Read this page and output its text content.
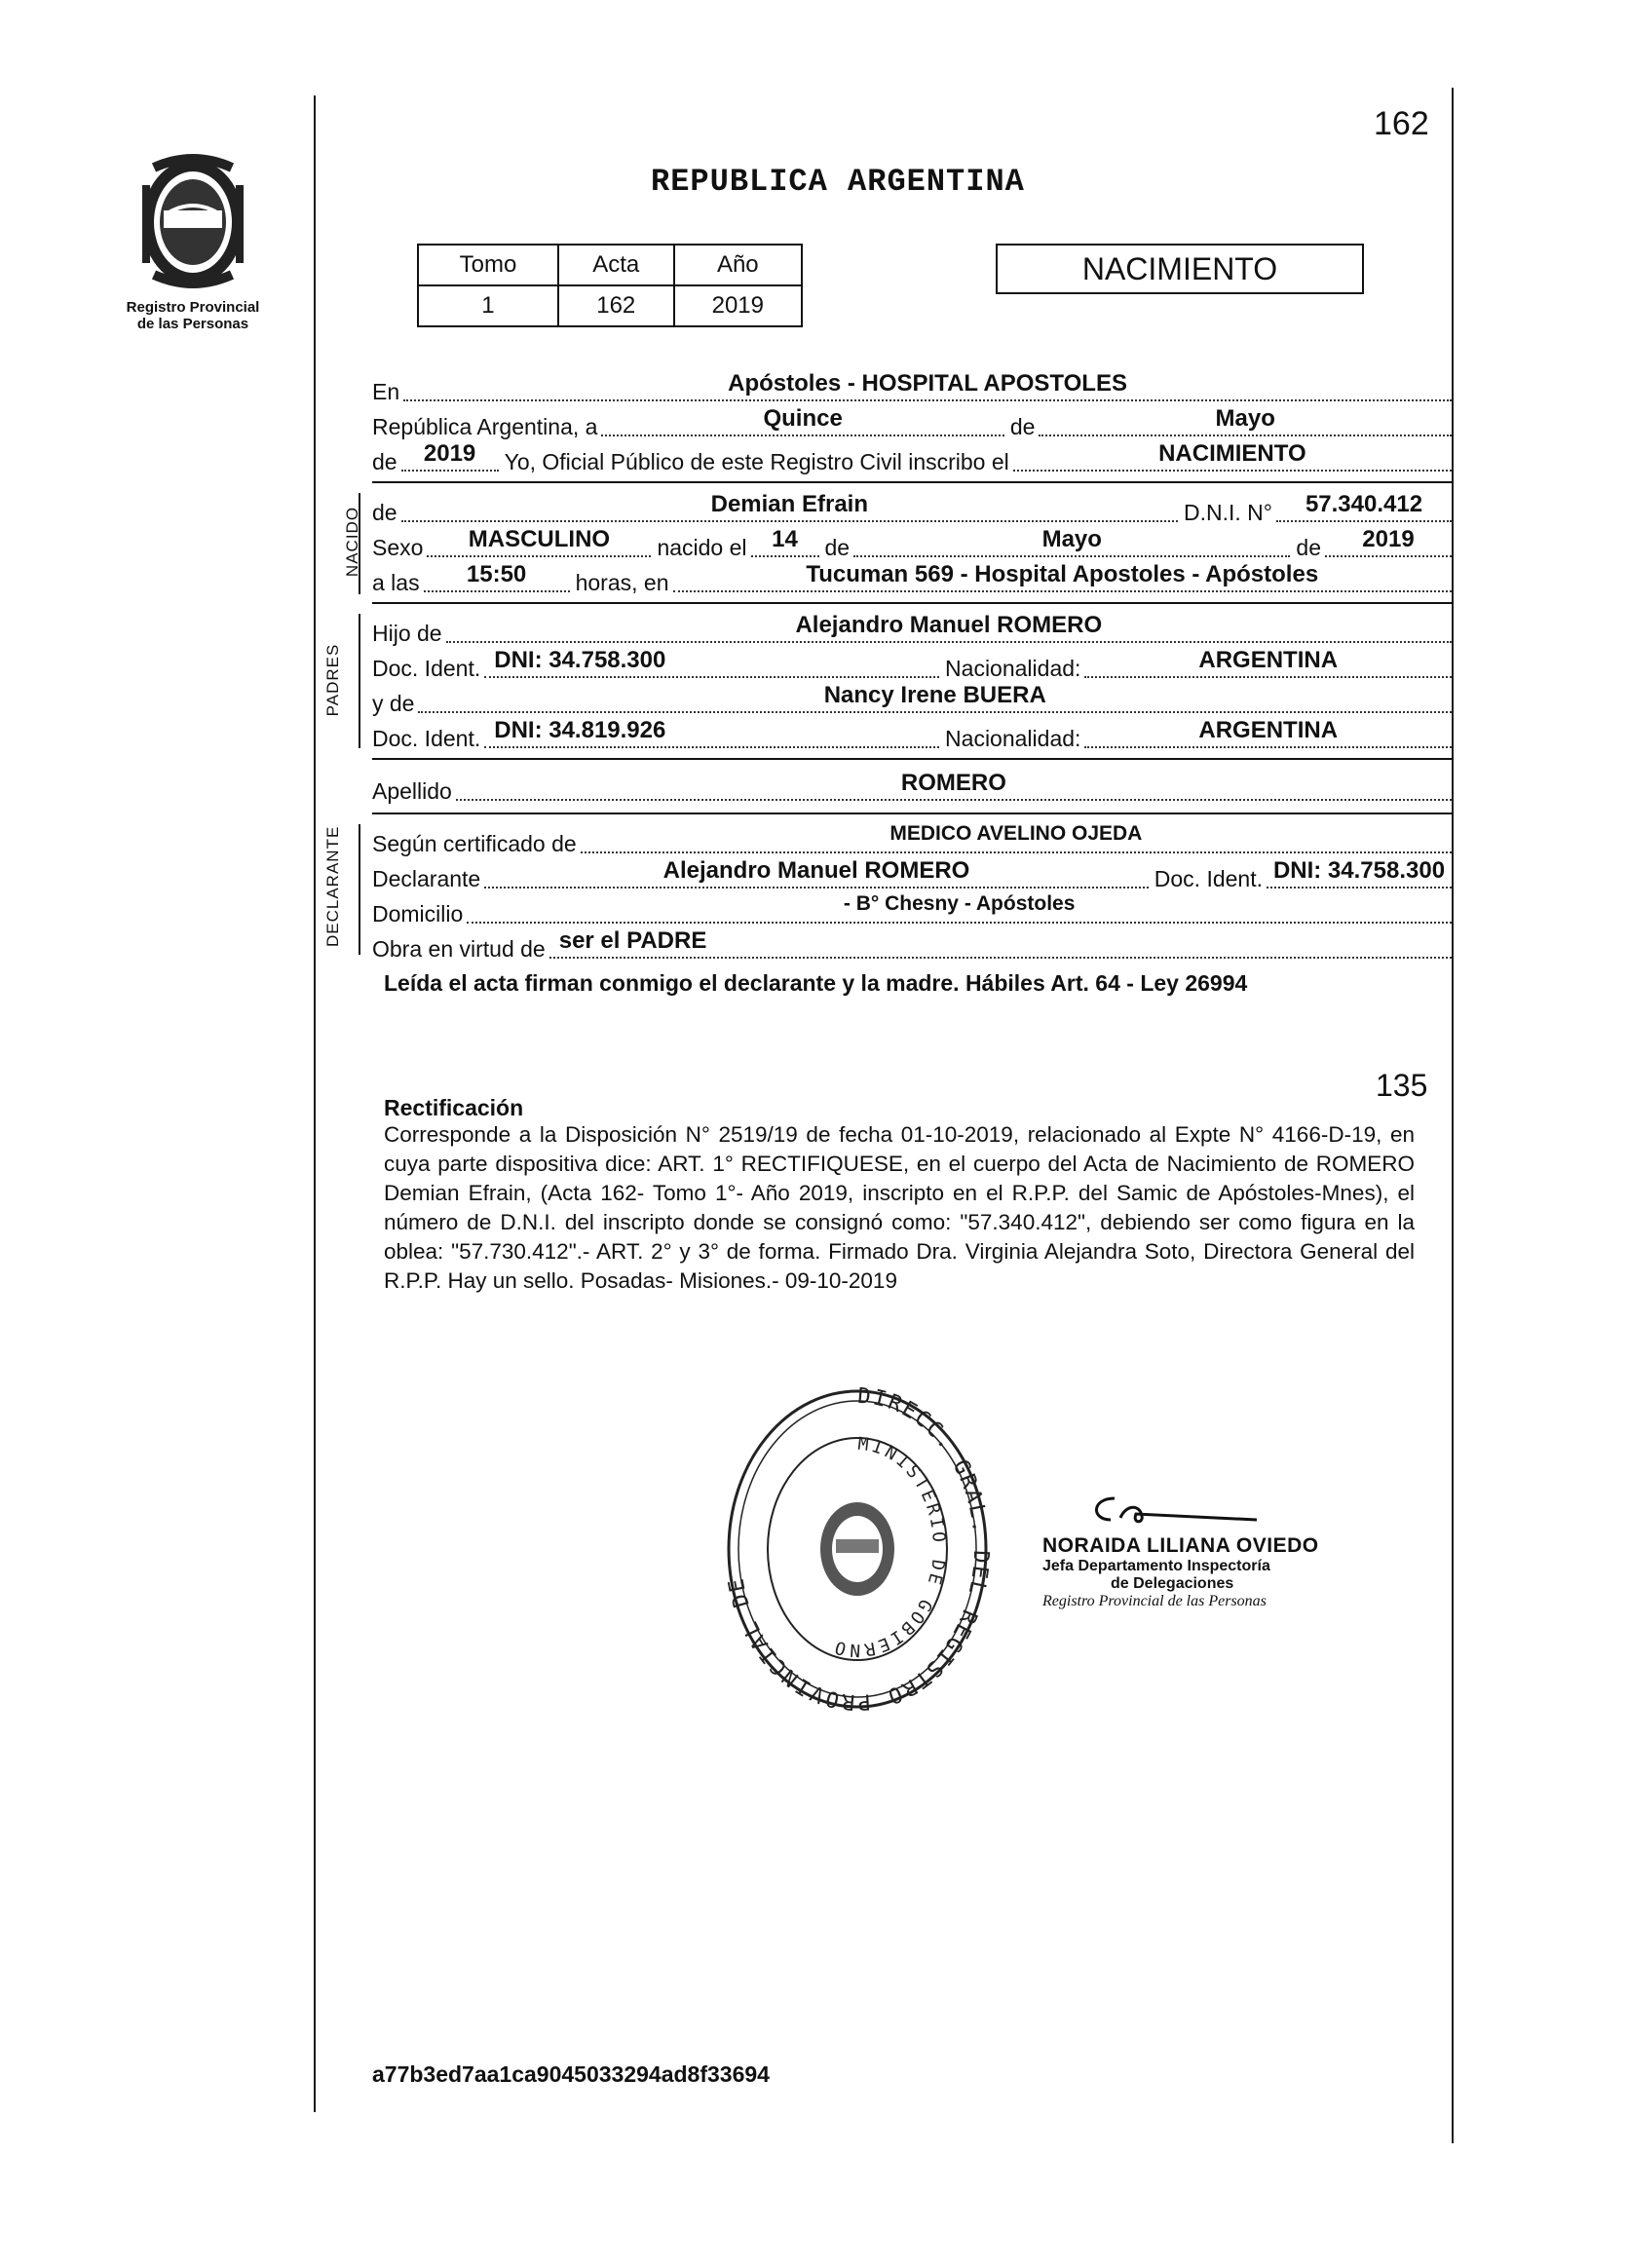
162
Registro Provincial
de las Personas
REPUBLICA ARGENTINA
Tomo	Acta	Año
1	162	2019
NACIMIENTO
En	Apóstoles - HOSPITAL APOSTOLES
República Argentina, a	Quince	de	Mayo
de	2019	Yo, Oficial Público de este Registro Civil inscribo el	NACIMIENTO
NACIDO de	Demian Efrain	D.N.I. N°	57.340.412
Sexo	MASCULINO	nacido el	14	de	Mayo	de	2019
a las	15:50	horas, en	Tucuman 569 - Hospital Apostoles - Apóstoles
PADRES
Hijo de	Alejandro Manuel ROMERO
Doc. Ident. DNI: 34.758.300	Nacionalidad:	ARGENTINA
y de	Nancy Irene BUERA
Doc. Ident. DNI: 34.819.926	Nacionalidad:	ARGENTINA
Apellido	ROMERO
DECLARANTE Según certificado de	MEDICO AVELINO OJEDA
Declarante	Alejandro Manuel ROMERO	Doc. Ident. DNI: 34.758.300
Domicilio	- B° Chesny - Apóstoles
Obra en virtud de ser el PADRE
Leída el acta firman conmigo el declarante y la madre. Hábiles Art. 64 - Ley 26994
135
Rectificación
Corresponde a la Disposición N° 2519/19 de fecha 01-10-2019, relacionado al Expte N° 4166-D-19, en cuya parte dispositiva dice: ART. 1° RECTIFIQUESE, en el cuerpo del Acta de Nacimiento de ROMERO Demian Efrain, (Acta 162- Tomo 1°- Año 2019, inscripto en el R.P.P. del Samic de Apóstoles-Mnes), el número de D.N.I. del inscripto donde se consignó como: "57.340.412", debiendo ser como figura en la oblea: "57.730.412".- ART. 2° y 3° de forma. Firmado Dra. Virginia Alejandra Soto, Directora General del R.P.P. Hay un sello. Posadas- Misiones.- 09-10-2019
DIRECC. GRAL. DEL REGISTRO PROVINCIAL DE
MINISTERIO DE GOBIERNO
NORAIDA LILIANA OVIEDO
Jefa Departamento Inspectoría
de Delegaciones
Registro Provincial de las Personas
a77b3ed7aa1ca9045033294ad8f33694
